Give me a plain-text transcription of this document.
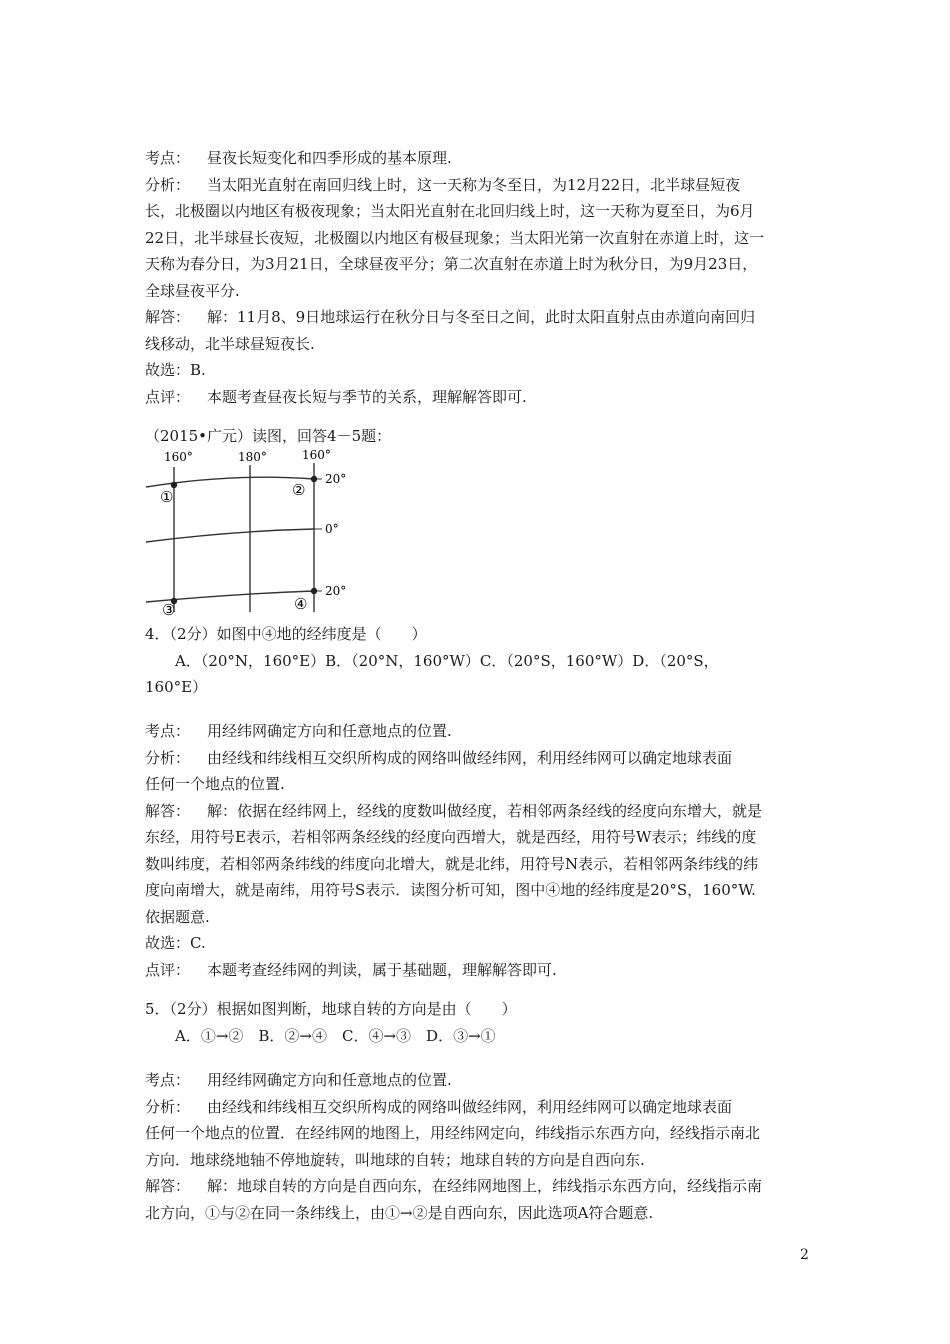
考点： 昼夜长短变化和四季形成的基本原理.
分析： 当太阳光直射在南回归线上时，这一天称为冬至日，为12月22日，北半球昼短夜
长，北极圈以内地区有极夜现象；当太阳光直射在北回归线上时，这一天称为夏至日，为6月
22日，北半球昼长夜短，北极圈以内地区有极昼现象；当太阳光第一次直射在赤道上时，这一
天称为春分日，为3月21日，全球昼夜平分；第二次直射在赤道上时为秋分日，为9月23日，
全球昼夜平分.
解答： 解：11月8、9日地球运行在秋分日与冬至日之间，此时太阳直射点由赤道向南回归
线移动，北半球昼短夜长.
故选：B.
点评： 本题考查昼夜长短与季节的关系，理解解答即可.
（2015•广元）读图，回答4－5题：
160°	180°	160°
20°
0°
20°
①	②
③	④
4．（2分）如图中④地的经纬度是（　　）
A．（20°N，160°E）B．（20°N，160°W）C．（20°S，160°W）D．（20°S，
160°E）
考点： 用经纬网确定方向和任意地点的位置.
分析： 由经线和纬线相互交织所构成的网络叫做经纬网，利用经纬网可以确定地球表面
任何一个地点的位置.
解答： 解：依据在经纬网上，经线的度数叫做经度，若相邻两条经线的经度向东增大，就是
东经，用符号E表示，若相邻两条经线的经度向西增大，就是西经，用符号W表示；纬线的度
数叫纬度，若相邻两条纬线的纬度向北增大，就是北纬，用符号N表示，若相邻两条纬线的纬
度向南增大，就是南纬，用符号S表示．读图分析可知，图中④地的经纬度是20°S，160°W.
依据题意.
故选：C.
点评： 本题考查经纬网的判读，属于基础题，理解解答即可.
5．（2分）根据如图判断，地球自转的方向是由（　　）
A．①→②　B．②→④　C．④→③　D．③→①
考点： 用经纬网确定方向和任意地点的位置.
分析： 由经线和纬线相互交织所构成的网络叫做经纬网，利用经纬网可以确定地球表面
任何一个地点的位置．在经纬网的地图上，用经纬网定向，纬线指示东西方向，经线指示南北
方向．地球绕地轴不停地旋转，叫地球的自转；地球自转的方向是自西向东.
解答： 解：地球自转的方向是自西向东，在经纬网地图上，纬线指示东西方向，经线指示南
北方向，①与②在同一条纬线上，由①→②是自西向东，因此选项A符合题意.
2
